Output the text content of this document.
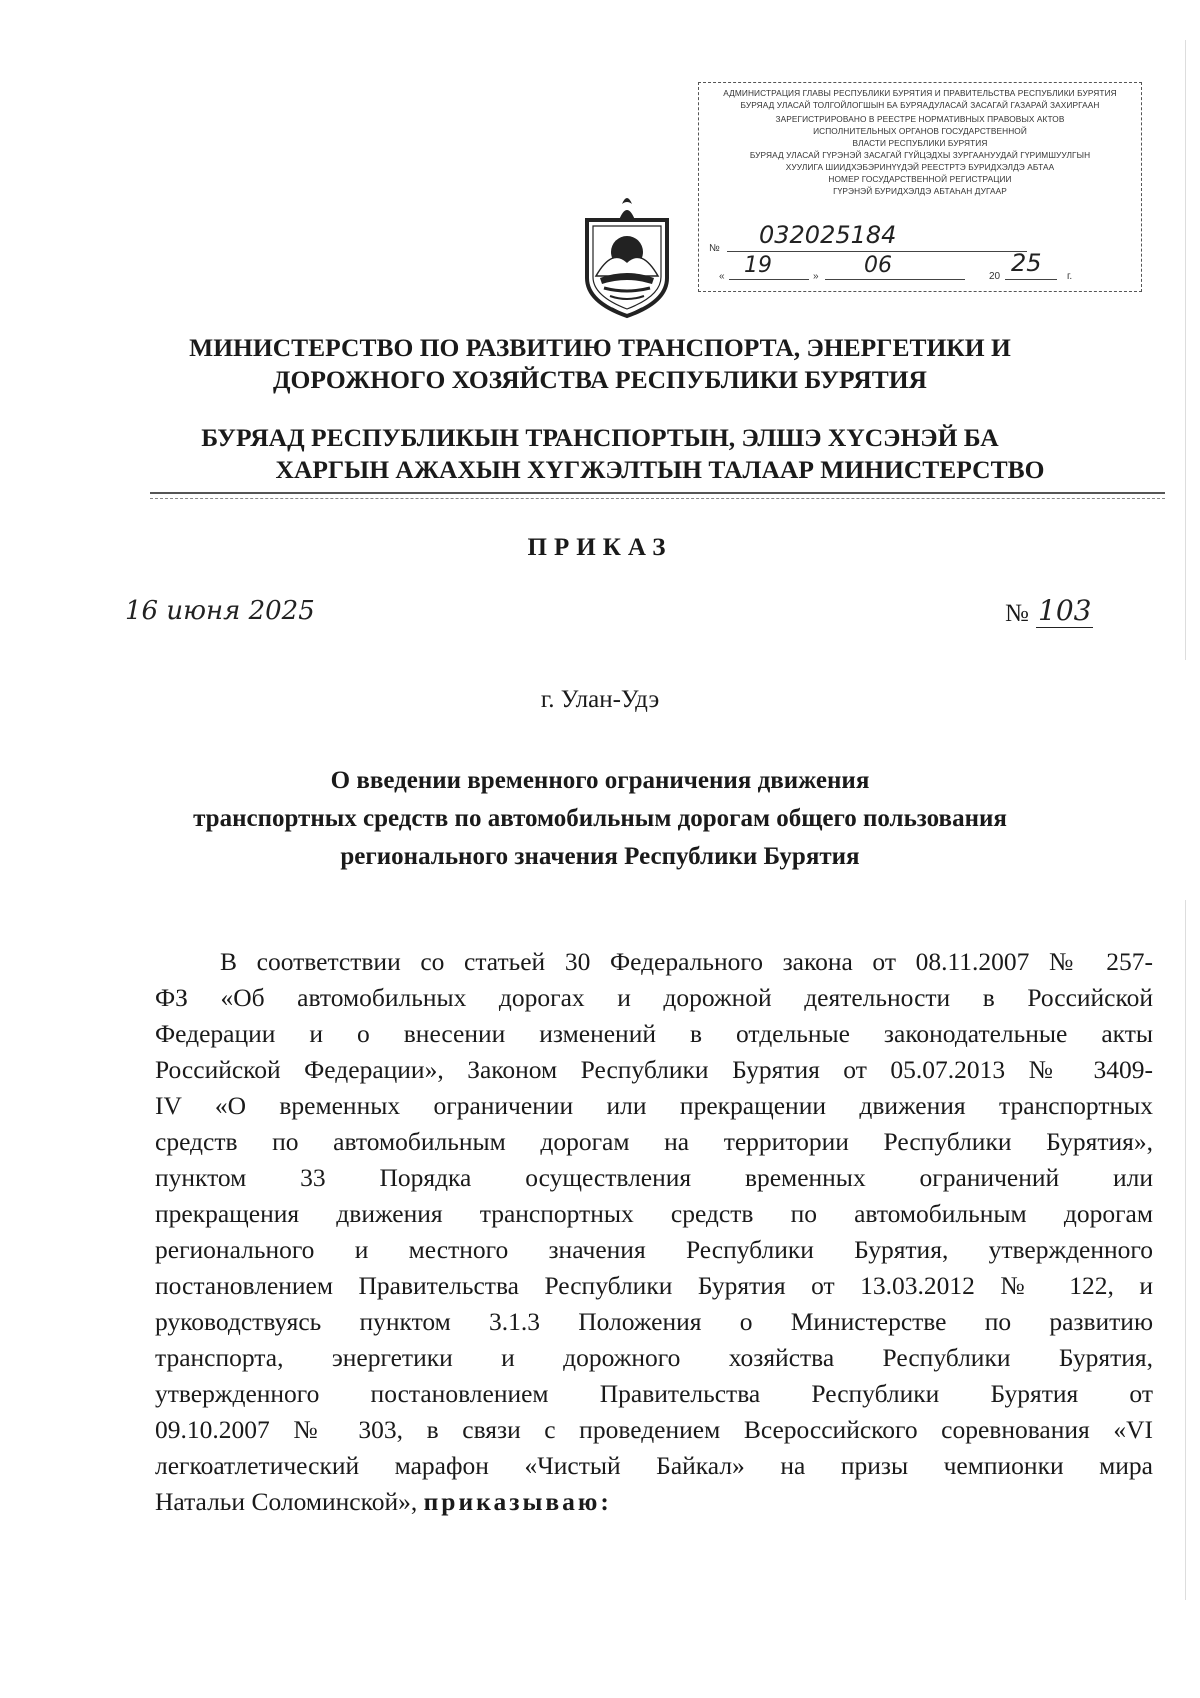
АДМИНИСТРАЦИЯ ГЛАВЫ РЕСПУБЛИКИ БУРЯТИЯ И ПРАВИТЕЛЬСТВА РЕСПУБЛИКИ БУРЯТИЯ
БУРЯАД УЛАСАЙ ТОЛГОЙЛОГШЫН БА БУРЯАДУЛАСАЙ ЗАСАГАЙ ГАЗАРАЙ ЗАХИРГААН
ЗАРЕГИСТРИРОВАНО В РЕЕСТРЕ НОРМАТИВНЫХ ПРАВОВЫХ АКТОВ
ИСПОЛНИТЕЛЬНЫХ ОРГАНОВ ГОСУДАРСТВЕННОЙ
ВЛАСТИ РЕСПУБЛИКИ БУРЯТИЯ
БУРЯАД УЛАСАЙ ГҮРЭНЭЙ ЗАСАГАЙ ГҮЙЦЭДХЫ ЗУРГААНУУДАЙ ГҮРИМШУУЛГЫН
ХУУЛИГА ШИИДХЭБЭРИНҮҮДЭЙ РЕЕСТРТЭ БУРИДХЭЛДЭ АБТАА
НОМЕР ГОСУДАРСТВЕННОЙ РЕГИСТРАЦИИ
ГҮРЭНЭЙ БУРИДХЭЛДЭ АБТАҺАН ДУГААР
№ 032025184
« 19	» 06	20 25	г.
МИНИСТЕРСТВО ПО РАЗВИТИЮ ТРАНСПОРТА, ЭНЕРГЕТИКИ И
ДОРОЖНОГО ХОЗЯЙСТВА РЕСПУБЛИКИ БУРЯТИЯ
БУРЯАД РЕСПУБЛИКЫН ТРАНСПОРТЫН, ЭЛШЭ ХҮСЭНЭЙ БА
ХАРГЫН АЖАХЫН ХҮГЖЭЛТЫН ТАЛААР МИНИСТЕРСТВО
ПРИКАЗ
16 июня 2025	№ 103
г. Улан-Удэ
О введении временного ограничения движения
транспортных средств по автомобильным дорогам общего пользования
регионального значения Республики Бурятия
В соответствии со статьей 30 Федерального закона от 08.11.2007 № 257-
ФЗ «Об автомобильных дорогах и дорожной деятельности в Российской
Федерации и о внесении изменений в отдельные законодательные акты
Российской Федерации», Законом Республики Бурятия от 05.07.2013 № 3409-
IV «О временных ограничении или прекращении движения транспортных
средств по автомобильным дорогам на территории Республики Бурятия»,
пунктом 33 Порядка осуществления временных ограничений или
прекращения движения транспортных средств по автомобильным дорогам
регионального и местного значения Республики Бурятия, утвержденного
постановлением Правительства Республики Бурятия от 13.03.2012 № 122, и
руководствуясь пунктом 3.1.3 Положения о Министерстве по развитию
транспорта, энергетики и дорожного хозяйства Республики Бурятия,
утвержденного постановлением Правительства Республики Бурятия от
09.10.2007 № 303, в связи с проведением Всероссийского соревнования «VI
легкоатлетический марафон «Чистый Байкал» на призы чемпионки мира
Натальи Соломинской», приказываю:
